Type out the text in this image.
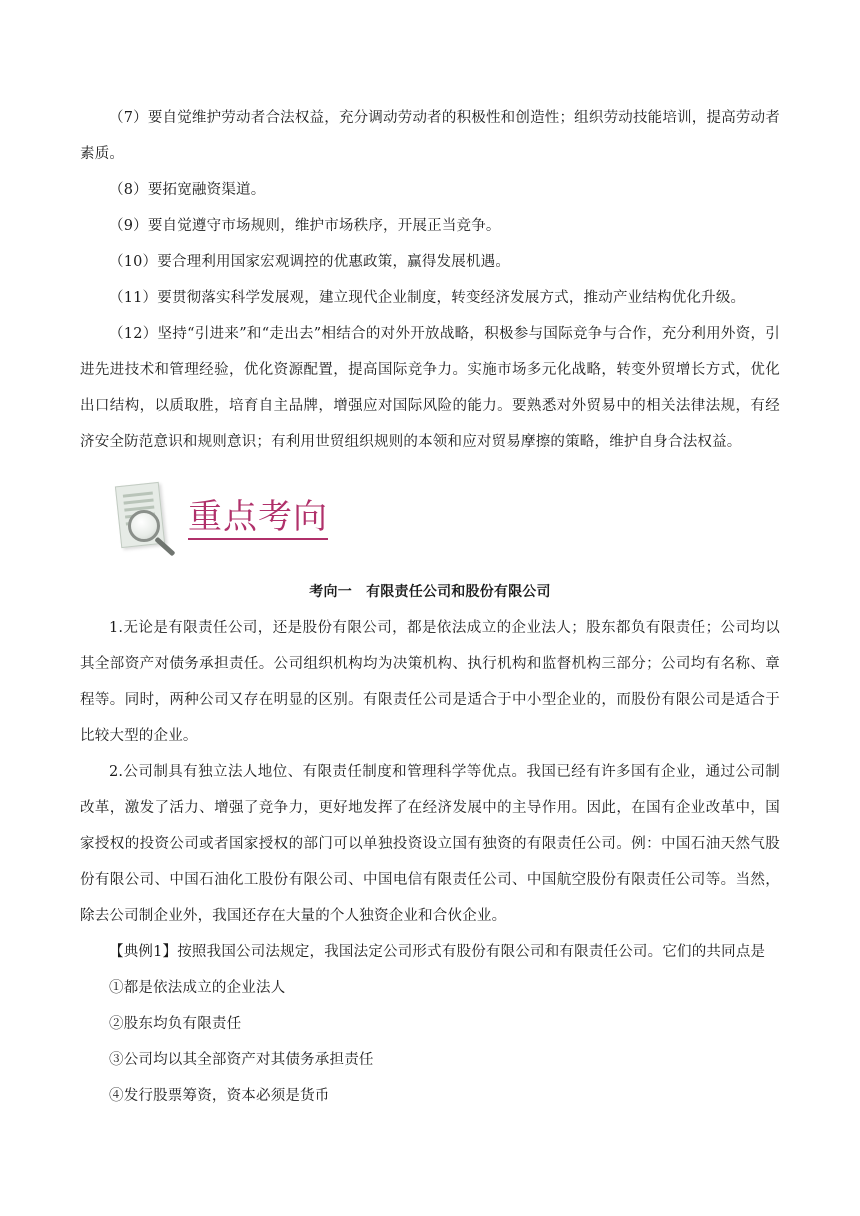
（7）要自觉维护劳动者合法权益，充分调动劳动者的积极性和创造性；组织劳动技能培训，提高劳动者素质。

（8）要拓宽融资渠道。

（9）要自觉遵守市场规则，维护市场秩序，开展正当竞争。

（10）要合理利用国家宏观调控的优惠政策，赢得发展机遇。

（11）要贯彻落实科学发展观，建立现代企业制度，转变经济发展方式，推动产业结构优化升级。

（12）坚持“引进来”和“走出去”相结合的对外开放战略，积极参与国际竞争与合作，充分利用外资，引进先进技术和管理经验，优化资源配置，提高国际竞争力。实施市场多元化战略，转变外贸增长方式，优化出口结构，以质取胜，培育自主品牌，增强应对国际风险的能力。要熟悉对外贸易中的相关法律法规，有经济安全防范意识和规则意识；有利用世贸组织规则的本领和应对贸易摩擦的策略，维护自身合法权益。

重点考向

考向一　有限责任公司和股份有限公司

1.无论是有限责任公司，还是股份有限公司，都是依法成立的企业法人；股东都负有限责任；公司均以其全部资产对债务承担责任。公司组织机构均为决策机构、执行机构和监督机构三部分；公司均有名称、章程等。同时，两种公司又存在明显的区别。有限责任公司是适合于中小型企业的，而股份有限公司是适合于比较大型的企业。

2.公司制具有独立法人地位、有限责任制度和管理科学等优点。我国已经有许多国有企业，通过公司制改革，激发了活力、增强了竞争力，更好地发挥了在经济发展中的主导作用。因此，在国有企业改革中，国家授权的投资公司或者国家授权的部门可以单独投资设立国有独资的有限责任公司。例：中国石油天然气股份有限公司、中国石油化工股份有限公司、中国电信有限责任公司、中国航空股份有限责任公司等。当然，除去公司制企业外，我国还存在大量的个人独资企业和合伙企业。

【典例1】按照我国公司法规定，我国法定公司形式有股份有限公司和有限责任公司。它们的共同点是

①都是依法成立的企业法人

②股东均负有限责任

③公司均以其全部资产对其债务承担责任

④发行股票筹资，资本必须是货币
